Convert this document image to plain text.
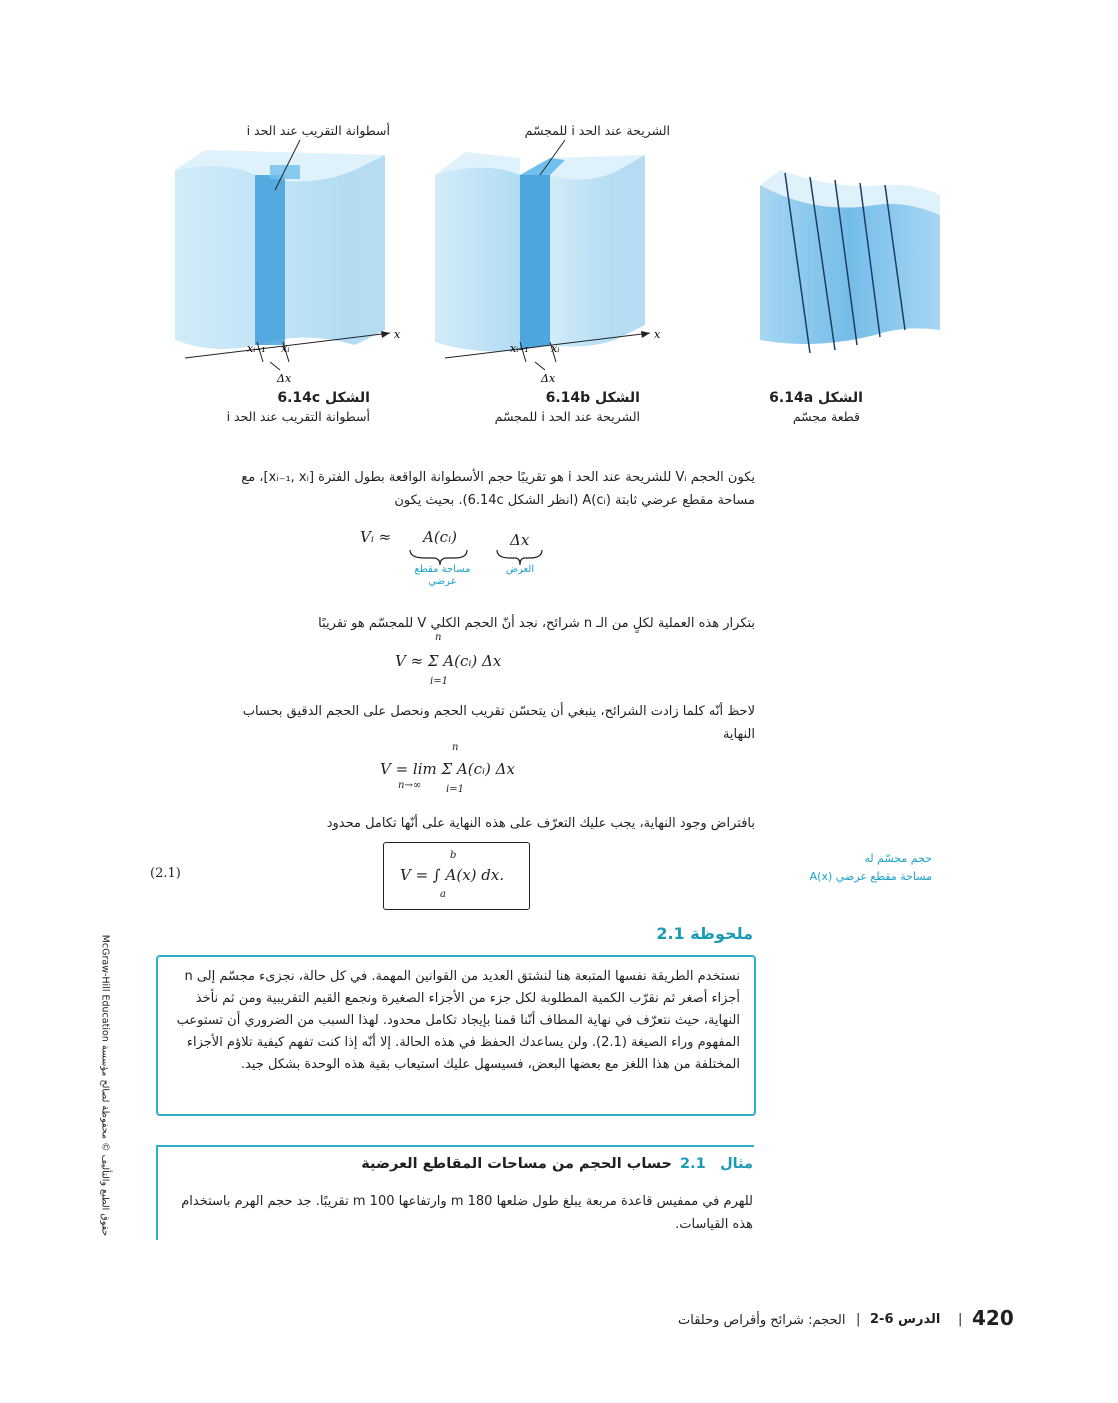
أسطوانة التقريب عند الحد i
x
xᵢ₋₁ xᵢ
Δx
الشكل 6.14c
أسطوانة التقريب عند الحد i
الشريحة عند الحد i للمجسّم
x
xᵢ₋₁ xᵢ
Δx
الشكل 6.14b
الشريحة عند الحد i للمجسّم
الشكل 6.14a
قطعة مجسّم
يكون الحجم Vᵢ للشريحة عند الحد i هو تقريبًا حجم الأسطوانة الواقعة بطول الفترة [xᵢ₋₁, xᵢ]، مع مساحة مقطع عرضي ثابتة A(cᵢ) (انظر الشكل 6.14c). بحيث يكون
Vᵢ ≈ A(cᵢ)	Δx
مساحة مقطع عرضي
العرض
بتكرار هذه العملية لكلٍ من الـ n شرائح، نجد أنّ الحجم الكلي V للمجسّم هو تقريبًا
n
V ≈ Σ A(cᵢ) Δx
i=1
لاحظ أنّه كلما زادت الشرائح، ينبغي أن يتحسّن تقريب الحجم ونحصل على الحجم الدقيق بحساب النهاية
n
V = lim Σ A(cᵢ) Δx
n→∞ i=1
بافتراض وجود النهاية، يجب عليك التعرّف على هذه النهاية على أنّها تكامل محدود
b
V = ∫ A(x) dx.
a
(2.1)
حجم مجسّم له
مساحة مقطع عرضي A(x)
ملحوظة 2.1
نستخدم الطريقة نفسها المتبعة هنا لنشتق العديد من القوانين المهمة. في كل حالة، نجزىء مجسّم إلى n أجزاء أصغر ثم نقرّب الكمية المطلوبة لكل جزء من الأجزاء الصغيرة ونجمع القيم التقريبية ومن ثم نأخذ النهاية، حيث نتعرّف في نهاية المطاف أنّنا قمنا بإيجاد تكامل محدود. لهذا السبب من الضروري أن تستوعب المفهوم وراء الصيغة (2.1). ولن يساعدك الحفظ في هذه الحالة. إلا أنّه إذا كنت تفهم كيفية تلاؤم الأجزاء المختلفة من هذا اللغز مع بعضها البعض، فسيسهل عليك استيعاب بقية هذه الوحدة بشكل جيد.
مثال
2.1
حساب الحجم من مساحات المقاطع العرضية
للهرم في ممفيس قاعدة مربعة يبلغ طول ضلعها 180 m وارتفاعها 100 m تقريبًا. جد حجم الهرم باستخدام هذه القياسات.
McGraw-Hill Education حقوق الطبع والتأليف © محفوظة لصالح مؤسسة
الحجم: شرائح وأقراص وحلقات | الدرس 6-2 | 420
